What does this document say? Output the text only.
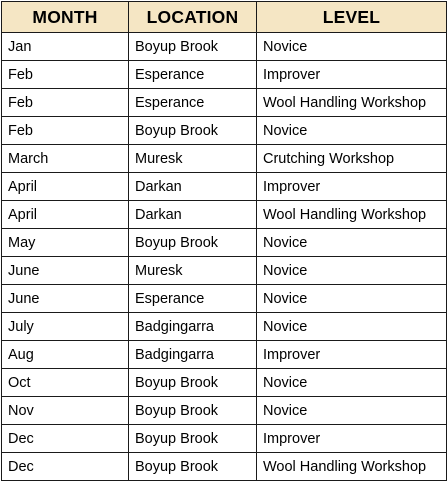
MONTH	LOCATION	LEVEL
Jan	Boyup Brook	Novice
Feb	Esperance	Improver
Feb	Esperance	Wool Handling Workshop
Feb	Boyup Brook	Novice
March	Muresk	Crutching Workshop
April	Darkan	Improver
April	Darkan	Wool Handling Workshop
May	Boyup Brook	Novice
June	Muresk	Novice
June	Esperance	Novice
July	Badgingarra	Novice
Aug	Badgingarra	Improver
Oct	Boyup Brook	Novice
Nov	Boyup Brook	Novice
Dec	Boyup Brook	Improver
Dec	Boyup Brook	Wool Handling Workshop
